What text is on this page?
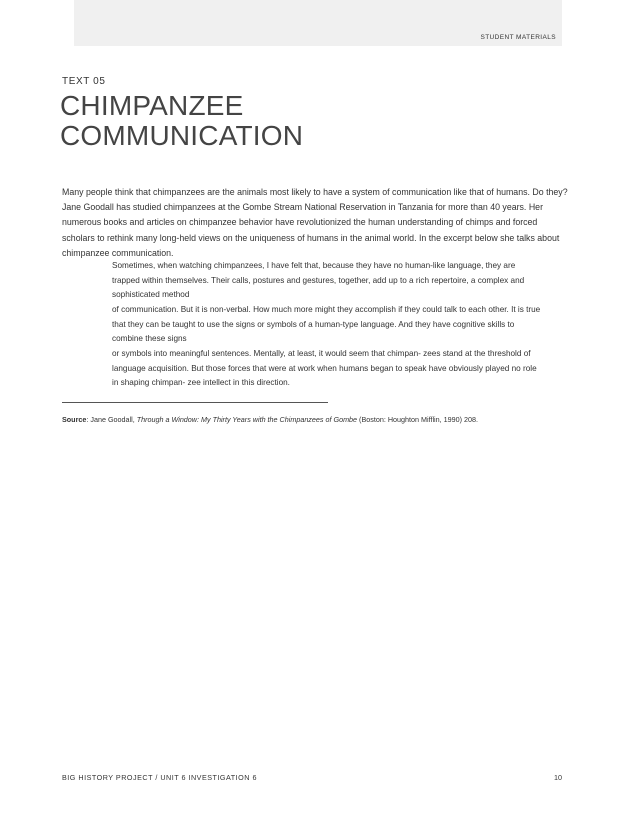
STUDENT MATERIALS
TEXT 05
CHIMPANZEE
COMMUNICATION

Many people think that chimpanzees are the animals most likely to have a system of communication like that of humans. Do they? Jane Goodall has studied chimpanzees at the Gombe Stream National Reservation in Tanzania for more than 40 years. Her numerous books and articles on chimpanzee behavior have revolutionized the human understanding of chimps and forced scholars to rethink many long-held views on the uniqueness of humans in the animal world. In the excerpt below she talks about chimpanzee communication.

Sometimes, when watching chimpanzees, I have felt that, because they have no human-like language, they are trapped within themselves. Their calls, postures and gestures, together, add up to a rich repertoire, a complex and sophisticated method

of communication. But it is non-verbal. How much more might they accomplish if they could talk to each other. It is true that they can be taught to use the signs or symbols of a human-type language. And they have cognitive skills to combine these signs

or symbols into meaningful sentences. Mentally, at least, it would seem that chimpan- zees stand at the threshold of language acquisition. But those forces that were at work when humans began to speak have obviously played no role in shaping chimpan- zee intellect in this direction.

Source: Jane Goodall, Through a Window: My Thirty Years with the Chimpanzees of Gombe (Boston: Houghton Mifflin, 1990) 208.
BIG HISTORY PROJECT / UNIT 6 INVESTIGATION 6	10
